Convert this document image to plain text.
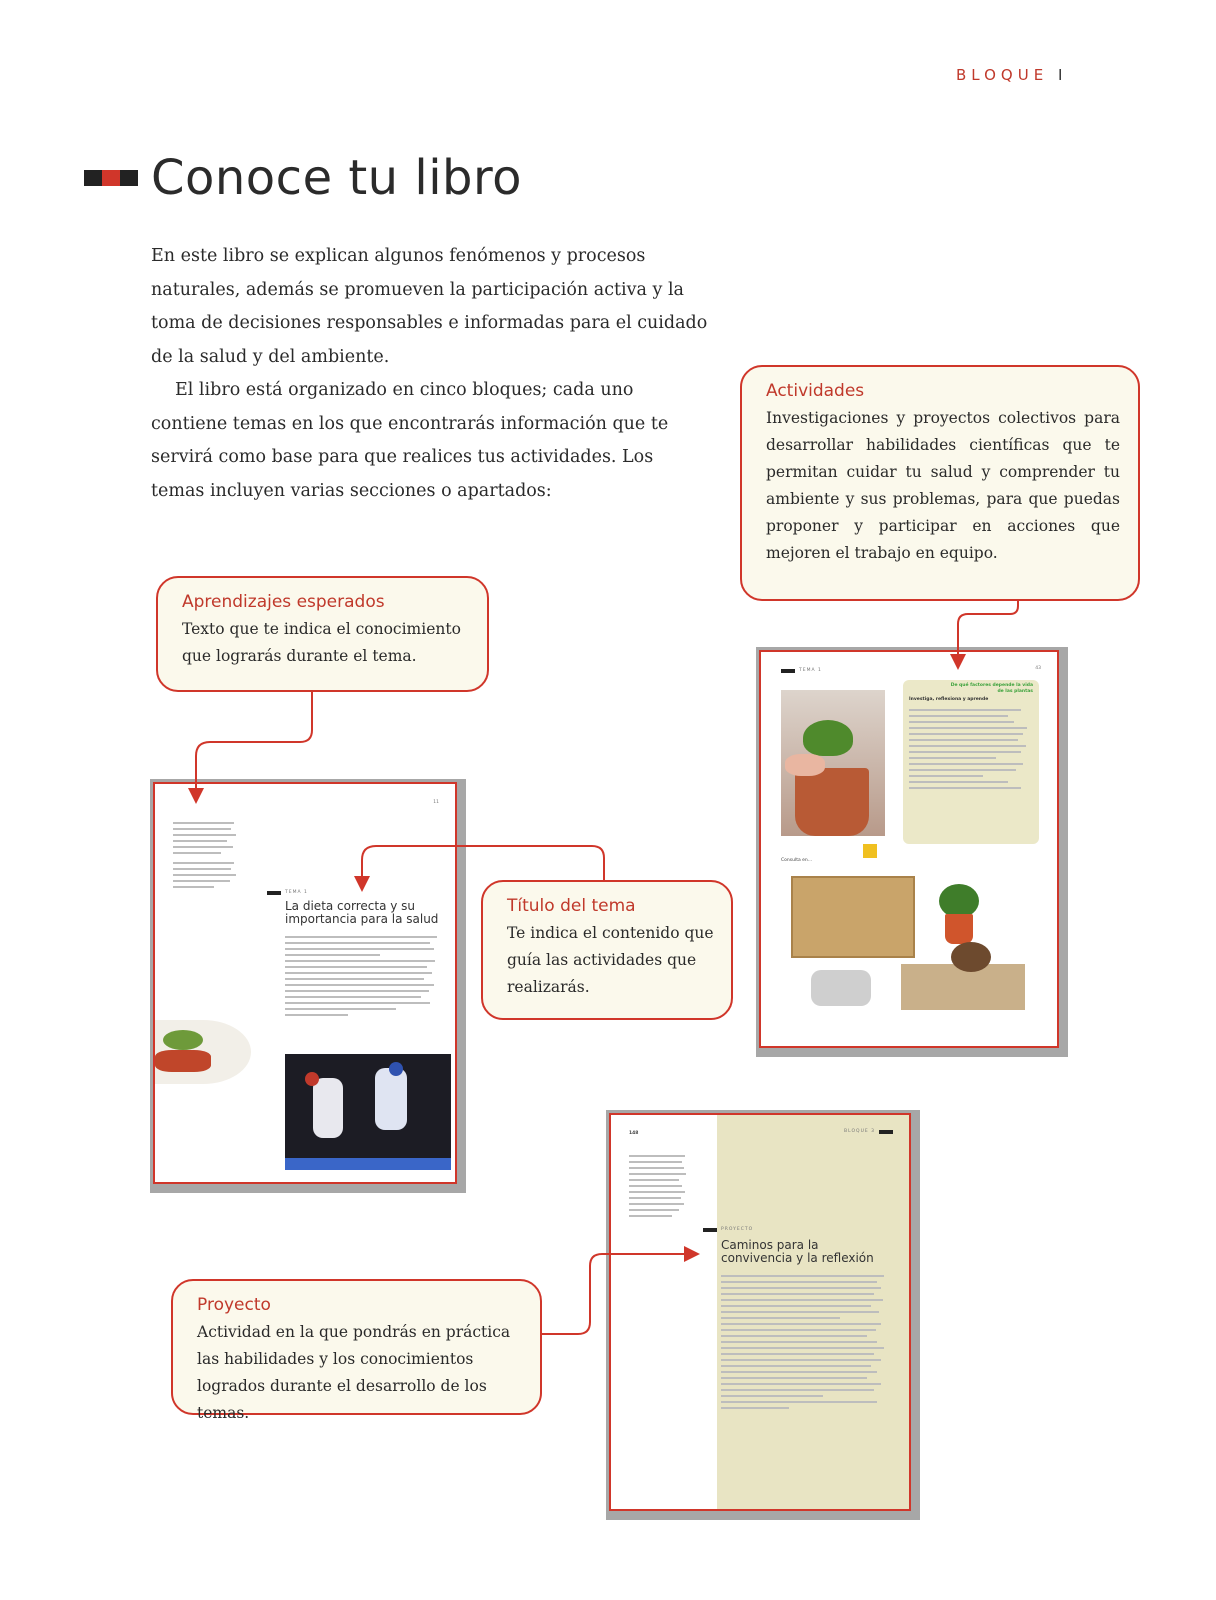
BLOQUE I
Conoce tu libro

En este libro se explican algunos fenómenos y procesos naturales, además se promueven la participación activa y la toma de decisiones responsables e informadas para el cuidado de la salud y del ambiente.

El libro está organizado en cinco bloques; cada uno contiene temas en los que encontrarás información que te servirá como base para que realices tus actividades. Los temas incluyen varias secciones o apartados:

Actividades

Investigaciones y proyectos colectivos para desarrollar habilidades científicas que te permitan cuidar tu salud y comprender tu ambiente y sus problemas, para que puedas proponer y participar en acciones que mejoren el trabajo en equipo.

Aprendizajes esperados

Texto que te indica el conocimiento que lograrás durante el tema.

Título del tema

Te indica el contenido que guía las actividades que realizarás.

Proyecto

Actividad en la que pondrás en práctica las habilidades y los conocimientos logrados durante el desarrollo de los temas.

TEMA 1	43
De qué factores depende la vida de las plantas
Investiga, reflexiona y aprende
Consulta en...
11
TEMA 1
La dieta correcta y su importancia para la salud
148	BLOQUE 3
PROYECTO
Caminos para la convivencia y la reflexión
